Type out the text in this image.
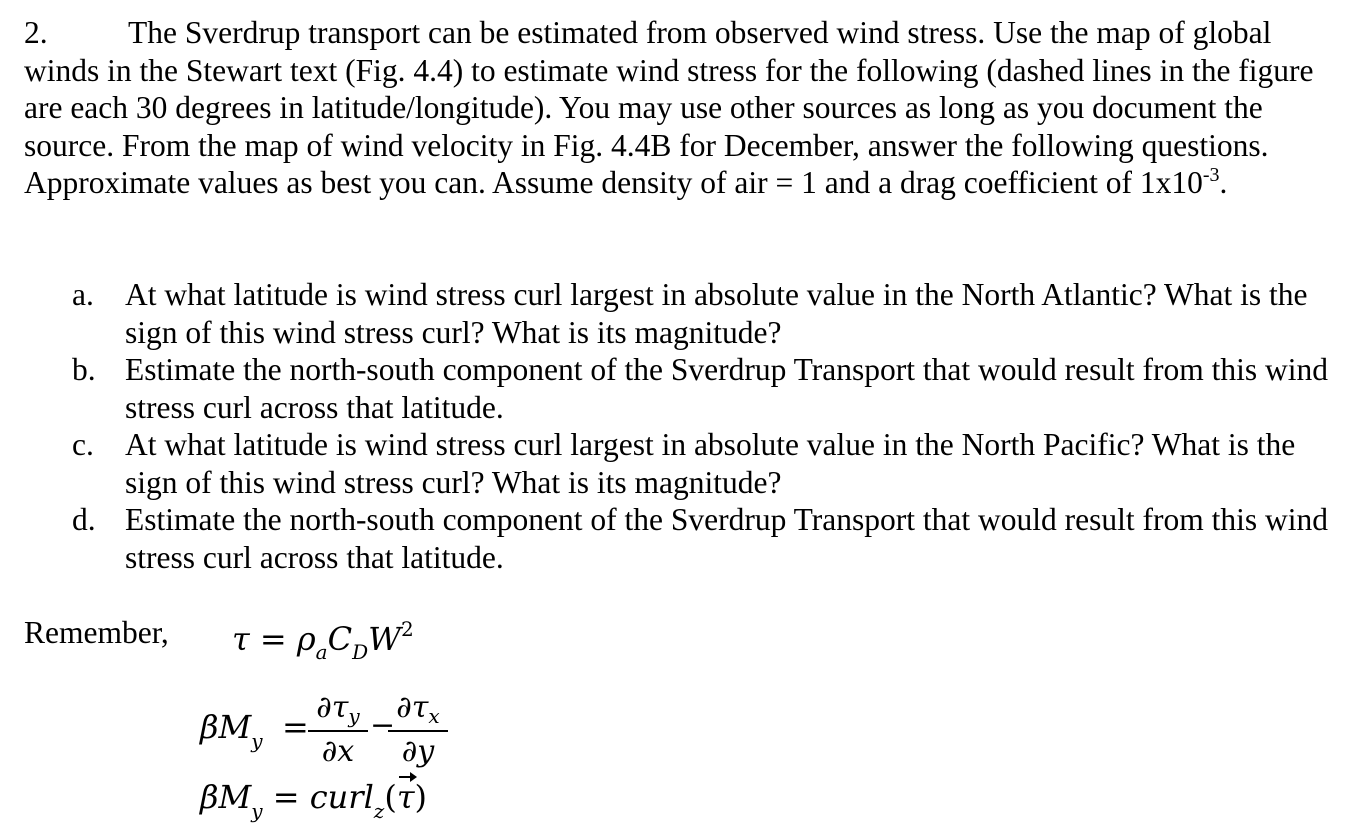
2.	The Sverdrup transport can be estimated from observed wind stress. Use the map of global winds in the Stewart text (Fig. 4.4) to estimate wind stress for the following (dashed lines in the figure are each 30 degrees in latitude/longitude). You may use other sources as long as you document the source. From the map of wind velocity in Fig. 4.4B for December, answer the following questions. Approximate values as best you can. Assume density of air = 1 and a drag coefficient of $1x10^{-3}$.

a. At what latitude is wind stress curl largest in absolute value in the North Atlantic? What is the sign of this wind stress curl? What is its magnitude?
b. Estimate the north-south component of the Sverdrup Transport that would result from this wind stress curl across that latitude.
c. At what latitude is wind stress curl largest in absolute value in the North Pacific? What is the sign of this wind stress curl? What is its magnitude?
d. Estimate the north-south component of the Sverdrup Transport that would result from this wind stress curl across that latitude.
Remember, $\tau = \rho_aC_DW^2$
$\beta M_y$ =
$\partial\tau_y$
∂x
−
$\partial\tau_x$
∂y
$\beta M_y$ = curl$_z$(τ)
